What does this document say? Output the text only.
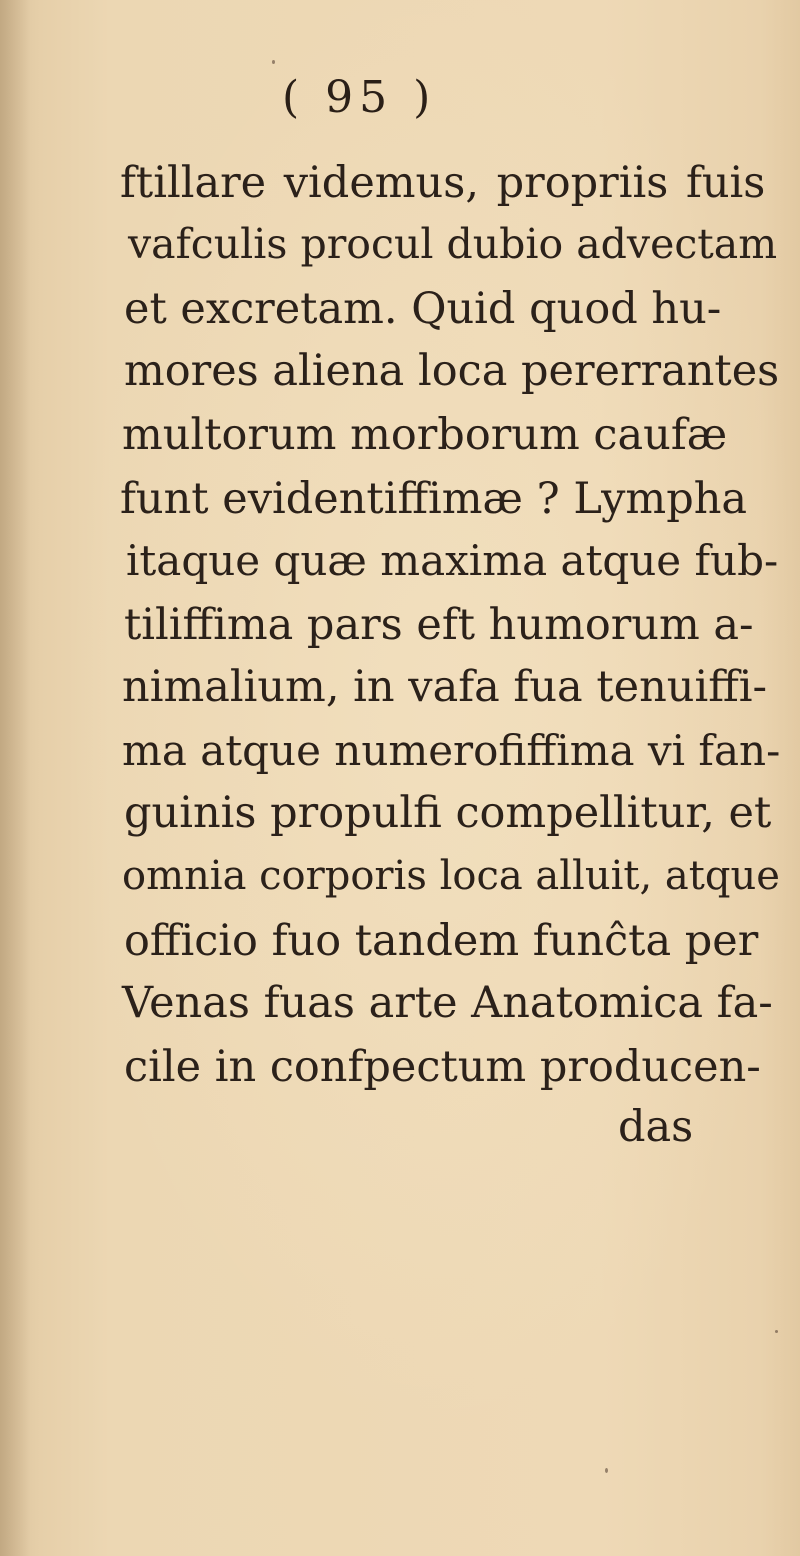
( 95 )
ftillare videmus, propriis fuis
vafculis procul dubio advectam
et excretam. Quid quod hu-
mores aliena loca pererrantes
multorum morborum caufæ
funt evidentiffimæ ? Lympha
itaque quæ maxima atque fub-
tiliffima pars eft humorum a-
nimalium, in vafa fua tenuiffi-
ma atque numerofiffima vi fan-
guinis propulfi compellitur, et
omnia corporis loca alluit, atque
officio fuo tandem funĉta per
Venas fuas arte Anatomica fa-
cile in confpectum producen-
das
